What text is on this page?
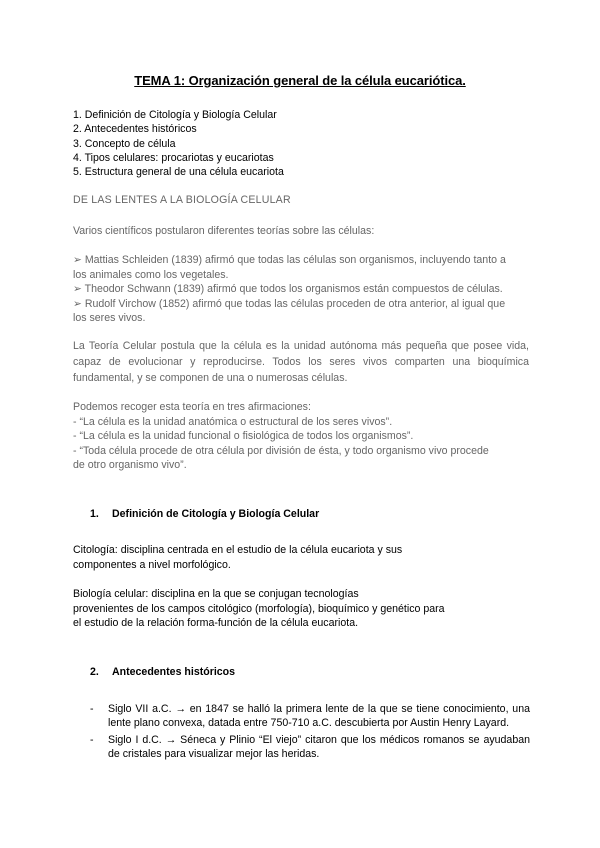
TEMA 1: Organización general de la célula eucariótica.
1. Definición de Citología y Biología Celular
2. Antecedentes históricos
3. Concepto de célula
4. Tipos celulares: procariotas y eucariotas
5. Estructura general de una célula eucariota
DE LAS LENTES A LA BIOLOGÍA CELULAR

Varios científicos postularon diferentes teorías sobre las células:

➢ Mattias Schleiden (1839) afirmó que todas las células son organismos, incluyendo tanto a
los animales como los vegetales.
➢ Theodor Schwann (1839) afirmó que todos los organismos están compuestos de células.
➢ Rudolf Virchow (1852) afirmó que todas las células proceden de otra anterior, al igual que
los seres vivos.

La Teoría Celular postula que la célula es la unidad autónoma más pequeña que posee vida, capaz de evolucionar y reproducirse. Todos los seres vivos comparten una bioquímica fundamental, y se componen de una o numerosas células.

Podemos recoger esta teoría en tres afirmaciones:
- “La célula es la unidad anatómica o estructural de los seres vivos”.
- “La célula es la unidad funcional o fisiológica de todos los organismos”.
- “Toda célula procede de otra célula por división de ésta, y todo organismo vivo procede
de otro organismo vivo”.
1. Definición de Citología y Biología Celular
Citología: disciplina centrada en el estudio de la célula eucariota y sus
componentes a nivel morfológico.
Biología celular: disciplina en la que se conjugan tecnologías
provenientes de los campos citológico (morfología), bioquímico y genético para
el estudio de la relación forma-función de la célula eucariota.
2. Antecedentes históricos
- Siglo VII a.C. → en 1847 se halló la primera lente de la que se tiene conocimiento, una lente plano convexa, datada entre 750-710 a.C. descubierta por Austin Henry Layard.
- Siglo I d.C. → Séneca y Plinio “El viejo” citaron que los médicos romanos se ayudaban de cristales para visualizar mejor las heridas.
